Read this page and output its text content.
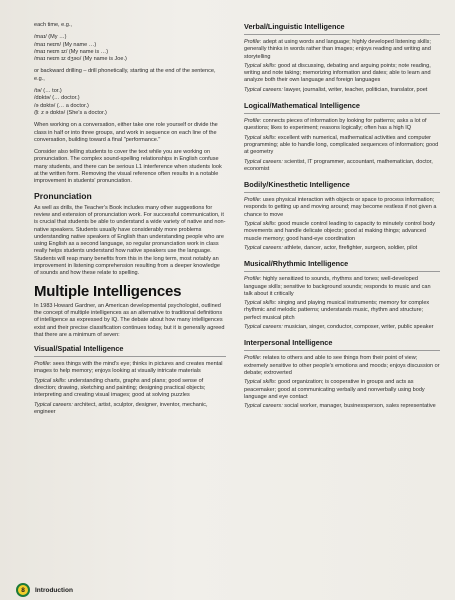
each time, e.g.,

/maɪ/ (My …)
/maɪ neɪm/ (My name …)
/maɪ neɪm ɪz/ (My name is …)
/maɪ neɪm ɪz dʒəʊ/ (My name is Joe.)

or backward drilling – drill phonetically, starting at the end of the sentence, e.g.,

/tə/ (… tor.)
/dɒktə/ (… doctor.)
/ə dɒktə/ (… a doctor.)
/ʃiː z ə dɒktə/ (She's a doctor.)

When working on a conversation, either take one role yourself or divide the class in half or into three groups, and work in sequence on each line of the conversation, building toward a final "performance."

Consider also telling students to cover the text while you are working on pronunciation. The complex sound-spelling relationships in English confuse many students, and there can be serious L1 interference when students look at the written form. Removing the visual reference often results in a notable improvement in students' pronunciation.

Pronunciation

As well as drills, the Teacher's Book includes many other suggestions for review and extension of pronunciation work. For successful communication, it is crucial that students be able to understand a wide variety of native and non-native speakers. Students usually have considerably more problems understanding native speakers of English than understanding people who are using English as a second language, so regular pronunciation work in class really helps students understand how native speakers use the language. Students will reap many benefits from this in the long term, most notably an improvement in listening comprehension resulting from a deeper knowledge of sounds and how these relate to spelling.

Multiple Intelligences

In 1983 Howard Gardner, an American developmental psychologist, outlined the concept of multiple intelligences as an alternative to traditional definitions of intelligence as expressed by IQ. The debate about how many intelligences exist and their precise classification continues today, but it is generally agreed that there are a minimum of seven:

Visual/Spatial Intelligence

Profile: sees things with the mind's eye; thinks in pictures and creates mental images to help memory; enjoys looking at visually intricate materials

Typical skills: understanding charts, graphs and plans; good sense of direction; drawing, sketching and painting; designing practical objects; interpreting and creating visual images; good at solving puzzles

Typical careers: architect, artist, sculptor, designer, inventor, mechanic, engineer

Verbal/Linguistic Intelligence

Profile: adept at using words and language; highly developed listening skills; generally thinks in words rather than images; enjoys reading and writing and storytelling

Typical skills: good at discussing, debating and arguing points; note reading, writing and note taking; memorizing information and dates; able to learn and analyze both their own language and foreign languages

Typical careers: lawyer, journalist, writer, teacher, politician, translator, poet

Logical/Mathematical Intelligence

Profile: connects pieces of information by looking for patterns; asks a lot of questions; likes to experiment; reasons logically; often has a high IQ

Typical skills: excellent with numerical, mathematical activities and computer programming; able to handle long, complicated sequences of information; good at geometry

Typical careers: scientist, IT programmer, accountant, mathematician, doctor, economist

Bodily/Kinesthetic Intelligence

Profile: uses physical interaction with objects or space to process information; responds to getting up and moving around; may become restless if not given a chance to move

Typical skills: good muscle control leading to capacity to minutely control body movements and handle delicate objects; good at making things; advanced muscle memory; good hand-eye coordination

Typical careers: athlete, dancer, actor, firefighter, surgeon, soldier, pilot

Musical/Rhythmic Intelligence

Profile: highly sensitized to sounds, rhythms and tones; well-developed language skills; sensitive to background sounds; responds to music and can talk about it critically

Typical skills: singing and playing musical instruments; memory for complex rhythmic and melodic patterns; understands music, rhythm and structure; perfect musical pitch

Typical careers: musician, singer, conductor, composer, writer, public speaker

Interpersonal Intelligence

Profile: relates to others and able to see things from their point of view; extremely sensitive to other people's emotions and moods; enjoys discussion or debate; extroverted

Typical skills: good organization; is cooperative in groups and acts as peacemaker; good at communicating verbally and nonverbally using body language and eye contact

Typical careers: social worker, manager, businessperson, sales representative

8 Introduction
